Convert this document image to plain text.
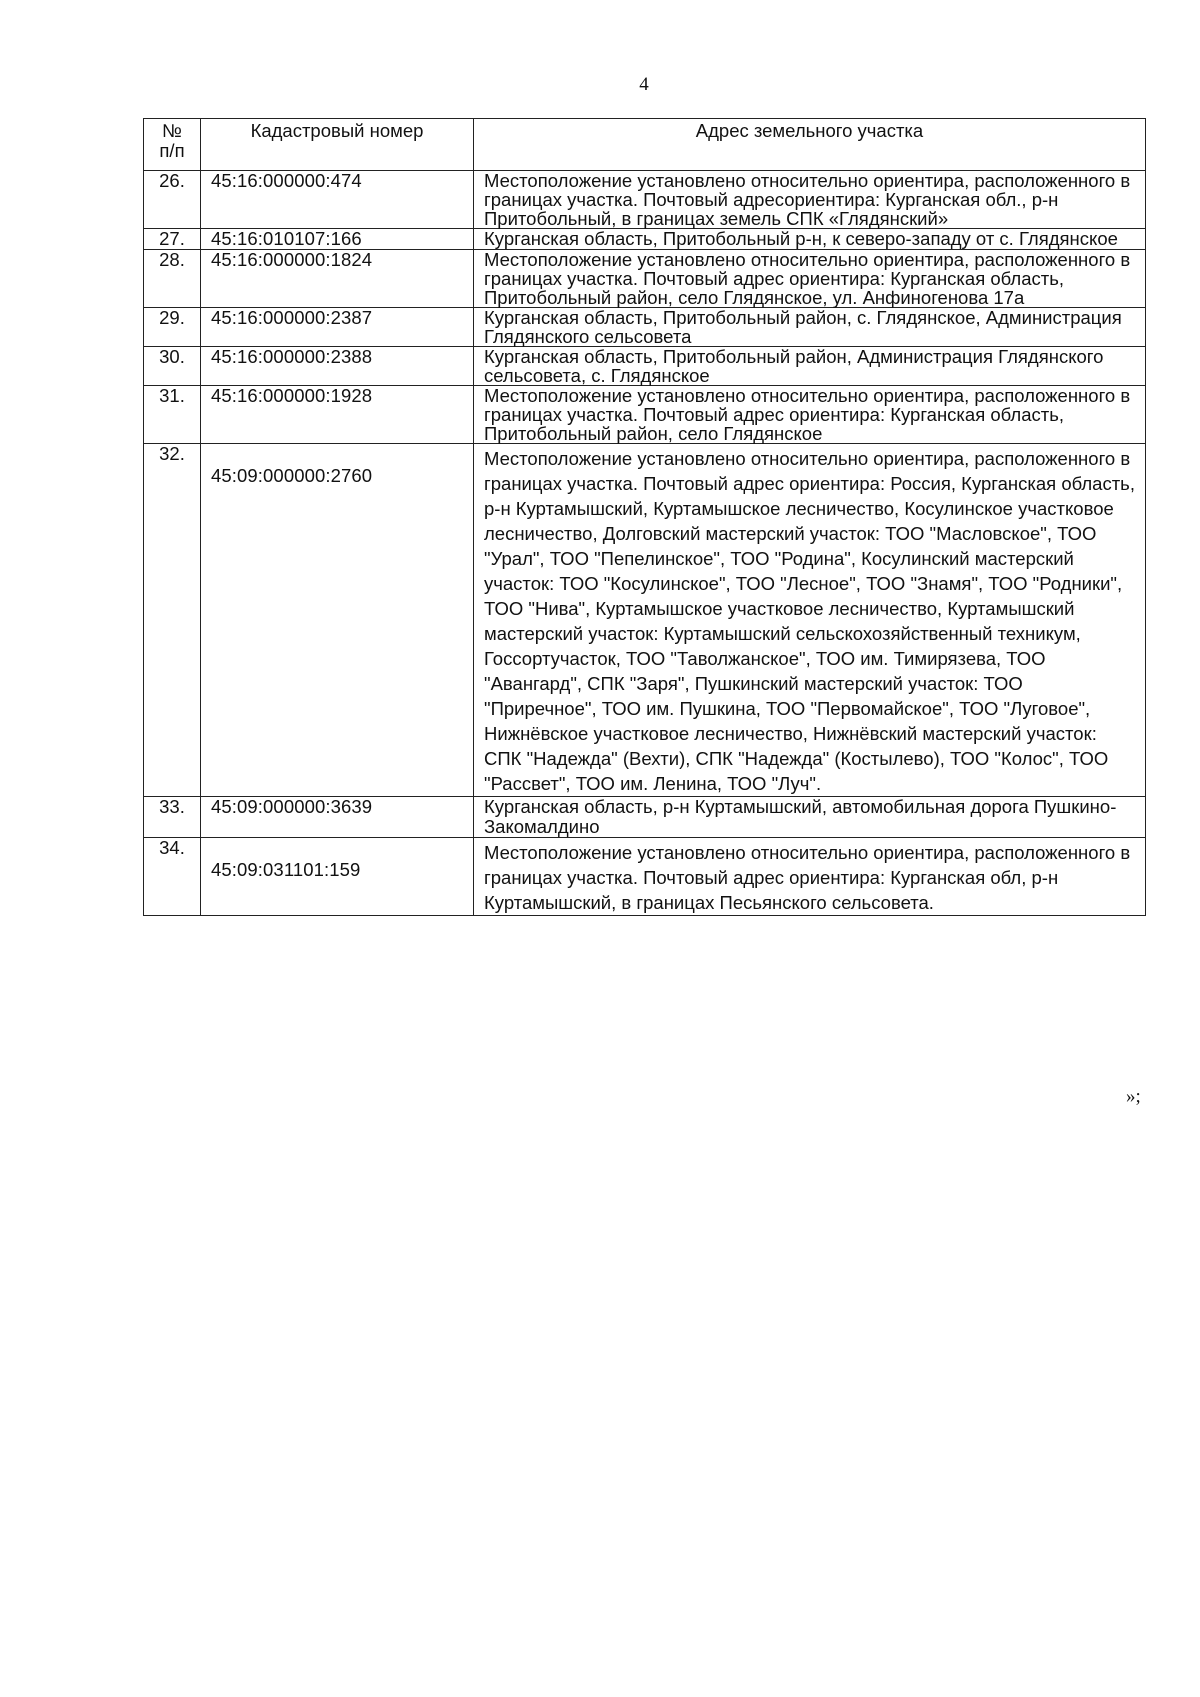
4
№ п/п	Кадастровый номер	Адрес земельного участка
26.	45:16:000000:474	Местоположение установлено относительно ориентира, расположенного в границах участка. Почтовый адресориентира: Курганская обл., р-н Притобольный, в границах земель СПК «Глядянский»
27.	45:16:010107:166	Курганская область, Притобольный р-н, к северо-западу от с. Глядянское
28.	45:16:000000:1824	Местоположение установлено относительно ориентира, расположенного в границах участка. Почтовый адрес ориентира: Курганская область, Притобольный район, село Глядянское, ул. Анфиногенова 17а
29.	45:16:000000:2387	Курганская область, Притобольный район, с. Глядянское, Администрация Глядянского сельсовета
30.	45:16:000000:2388	Курганская область, Притобольный район, Администрация Глядянского сельсовета, с. Глядянское
31.	45:16:000000:1928	Местоположение установлено относительно ориентира, расположенного в границах участка. Почтовый адрес ориентира: Курганская область, Притобольный район, село Глядянское
32.	45:09:000000:2760	Местоположение установлено относительно ориентира, расположенного в границах участка. Почтовый адрес ориентира: Россия, Курганская область, р-н Куртамышский, Куртамышское лесничество, Косулинское участковое лесничество, Долговский мастерский участок: ТОО "Масловское", ТОО "Урал", ТОО "Пепелинское", ТОО "Родина", Косулинский мастерский участок: ТОО "Косулинское", ТОО "Лесное", ТОО "Знамя", ТОО "Родники", ТОО "Нива", Куртамышское участковое лесничество, Куртамышский мастерский участок: Куртамышский сельскохозяйственный техникум, Госсортучасток, ТОО "Таволжанское", ТОО им. Тимирязева, ТОО "Авангард", СПК "Заря", Пушкинский мастерский участок: ТОО "Приречное", ТОО им. Пушкина, ТОО "Первомайское", ТОО "Луговое", Нижнёвское участковое лесничество, Нижнёвский мастерский участок: СПК "Надежда" (Вехти), СПК "Надежда" (Костылево), ТОО "Колос", ТОО "Рассвет", ТОО им. Ленина, ТОО "Луч".
33.	45:09:000000:3639	Курганская область, р-н Куртамышский, автомобильная дорога Пушкино-Закомалдино
34.	45:09:031101:159	Местоположение установлено относительно ориентира, расположенного в границах участка. Почтовый адрес ориентира: Курганская обл, р-н Куртамышский, в границах Песьянского сельсовета.
»;
